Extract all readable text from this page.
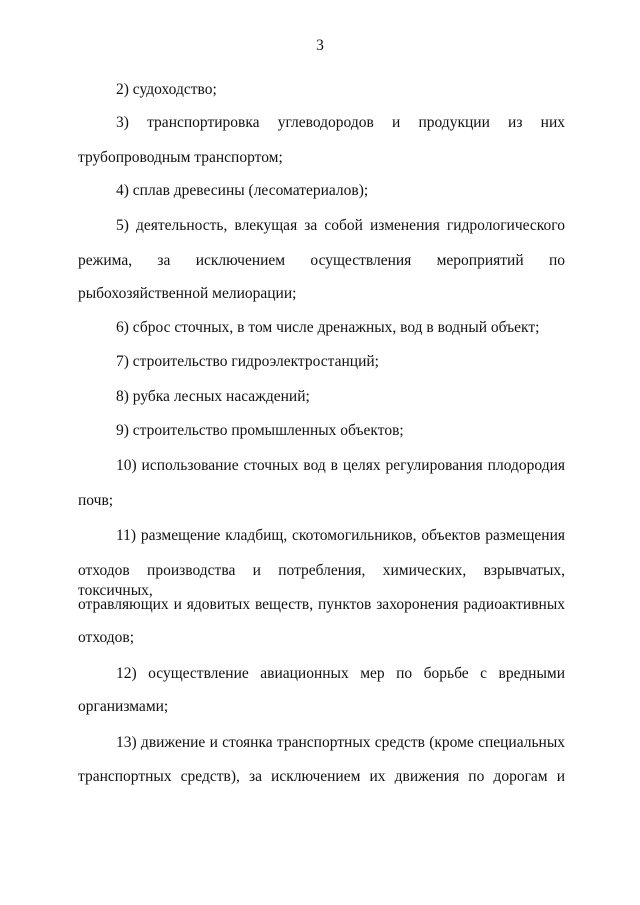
3
2) судоходство;
3) транспортировка углеводородов и продукции из них
трубопроводным транспортом;
4) сплав древесины (лесоматериалов);
5) деятельность, влекущая за собой изменения гидрологического
режима, за исключением осуществления мероприятий по
рыбохозяйственной мелиорации;
6) сброс сточных, в том числе дренажных, вод в водный объект;
7) строительство гидроэлектростанций;
8) рубка лесных насаждений;
9) строительство промышленных объектов;
10) использование сточных вод в целях регулирования плодородия
почв;
11) размещение кладбищ, скотомогильников, объектов размещения
отходов производства и потребления, химических, взрывчатых, токсичных,
отравляющих и ядовитых веществ, пунктов захоронения радиоактивных
отходов;
12) осуществление авиационных мер по борьбе с вредными
организмами;
13) движение и стоянка транспортных средств (кроме специальных
транспортных средств), за исключением их движения по дорогам и
